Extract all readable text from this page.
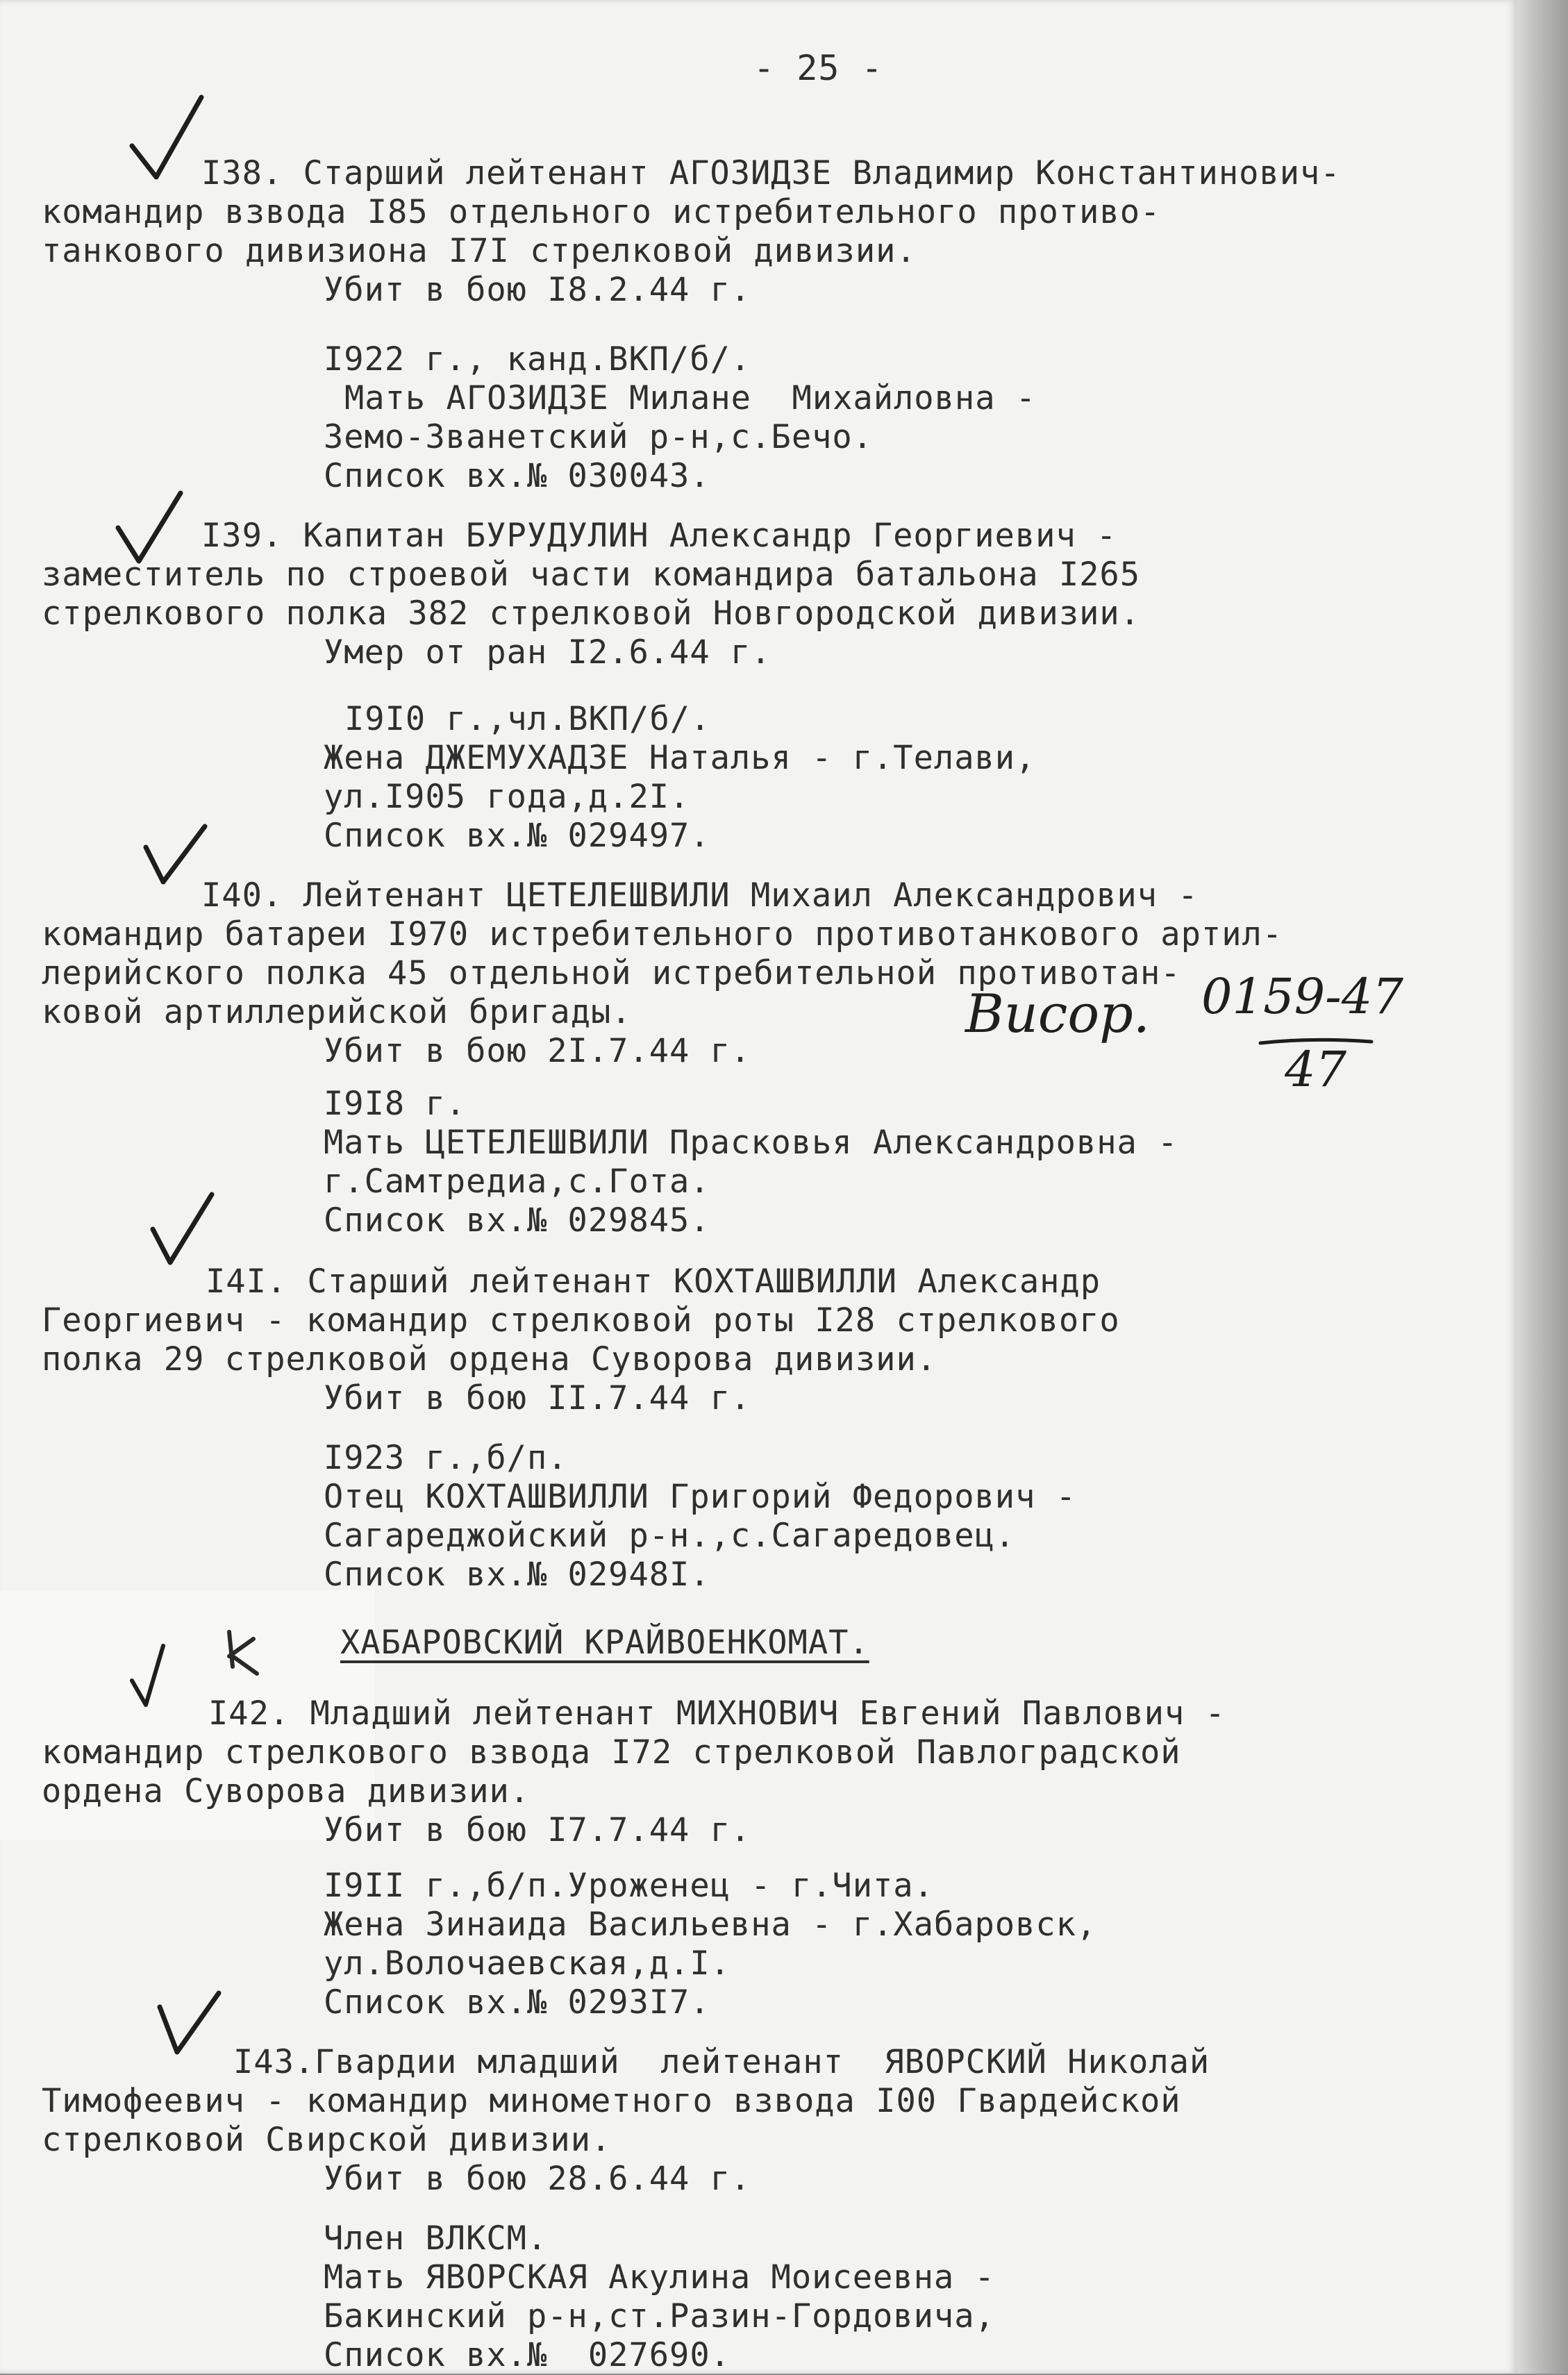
- 25 -
I38. Старший лейтенант АГОЗИДЗЕ Владимир Константинович-
командир взвода I85 отдельного истребительного противо-
танкового дивизиона I7I стрелковой дивизии.
Убит в бою I8.2.44 г.
I922 г., канд.ВКП/б/.
Мать АГОЗИДЗЕ Милане  Михайловна -
Земо-Званетский р-н,с.Бечо.
Список вх.№ 030043.
I39. Капитан БУРУДУЛИН Александр Георгиевич -
заместитель по строевой части командира батальона I265
стрелкового полка 382 стрелковой Новгородской дивизии.
Умер от ран I2.6.44 г.
I9I0 г.,чл.ВКП/б/.
Жена ДЖЕМУХАДЗЕ Наталья - г.Телави,
ул.I905 года,д.2I.
Список вх.№ 029497.
I40. Лейтенант ЦЕТЕЛЕШВИЛИ Михаил Александрович -
командир батареи I970 истребительного противотанкового артил-
лерийского полка 45 отдельной истребительной противотан-
ковой артиллерийской бригады.
Убит в бою 2I.7.44 г.
I9I8 г.
Мать ЦЕТЕЛЕШВИЛИ Прасковья Александровна -
г.Самтредиа,с.Гота.
Список вх.№ 029845.
I4I. Старший лейтенант КОХТАШВИЛЛИ Александр
Георгиевич - командир стрелковой роты I28 стрелкового
полка 29 стрелковой ордена Суворова дивизии.
Убит в бою II.7.44 г.
I923 г.,б/п.
Отец КОХТАШВИЛЛИ Григорий Федорович -
Сагареджойский р-н.,с.Сагаредовец.
Список вх.№ 02948I.
ХАБАРОВСКИЙ КРАЙВОЕНКОМАТ.
I42. Младший лейтенант МИХНОВИЧ Евгений Павлович -
командир стрелкового взвода I72 стрелковой Павлоградской
ордена Суворова дивизии.
Убит в бою I7.7.44 г.
I9II г.,б/п.Уроженец - г.Чита.
Жена Зинаида Васильевна - г.Хабаровск,
ул.Волочаевская,д.I.
Список вх.№ 0293I7.
I43.Гвардии младший  лейтенант  ЯВОРСКИЙ Николай
Тимофеевич - командир минометного взвода I00 Гвардейской
стрелковой Свирской дивизии.
Убит в бою 28.6.44 г.
Член ВЛКСМ.
Мать ЯВОРСКАЯ Акулина Моисеевна -
Бакинский р-н,ст.Разин-Гордовича,
Список вх.№  027690.
Висор. 0159-47
47
